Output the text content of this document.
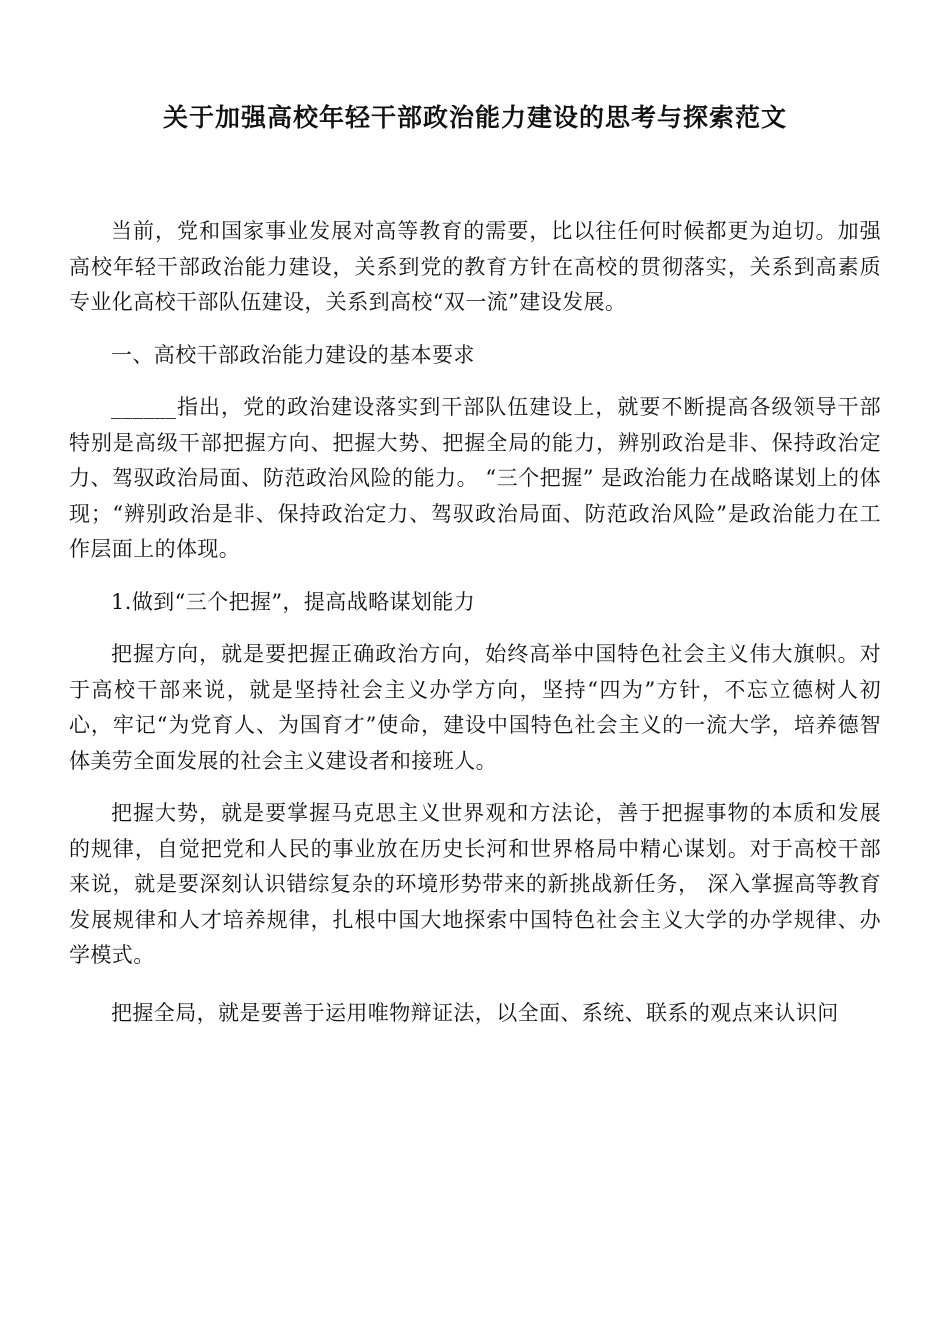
关于加强高校年轻干部政治能力建设的思考与探索范文

当前，党和国家事业发展对高等教育的需要，比以往任何时候都更为迫切。加强高校年轻干部政治能力建设，关系到党的教育方针在高校的贯彻落实，关系到高素质专业化高校干部队伍建设，关系到高校“双一流”建设发展。

一、高校干部政治能力建设的基本要求

______指出，党的政治建设落实到干部队伍建设上，就要不断提高各级领导干部特别是高级干部把握方向、把握大势、把握全局的能力，辨别政治是非、保持政治定力、驾驭政治局面、防范政治风险的能力。 “三个把握” 是政治能力在战略谋划上的体现；“辨别政治是非、保持政治定力、驾驭政治局面、防范政治风险”是政治能力在工作层面上的体现。

1.做到“三个把握”，提高战略谋划能力

把握方向，就是要把握正确政治方向，始终高举中国特色社会主义伟大旗帜。对于高校干部来说，就是坚持社会主义办学方向，坚持“四为”方针，不忘立德树人初心，牢记“为党育人、为国育才”使命，建设中国特色社会主义的一流大学，培养德智体美劳全面发展的社会主义建设者和接班人。

把握大势，就是要掌握马克思主义世界观和方法论，善于把握事物的本质和发展的规律，自觉把党和人民的事业放在历史长河和世界格局中精心谋划。对于高校干部来说，就是要深刻认识错综复杂的环境形势带来的新挑战新任务， 深入掌握高等教育发展规律和人才培养规律，扎根中国大地探索中国特色社会主义大学的办学规律、办学模式。

把握全局，就是要善于运用唯物辩证法，以全面、系统、联系的观点来认识问
